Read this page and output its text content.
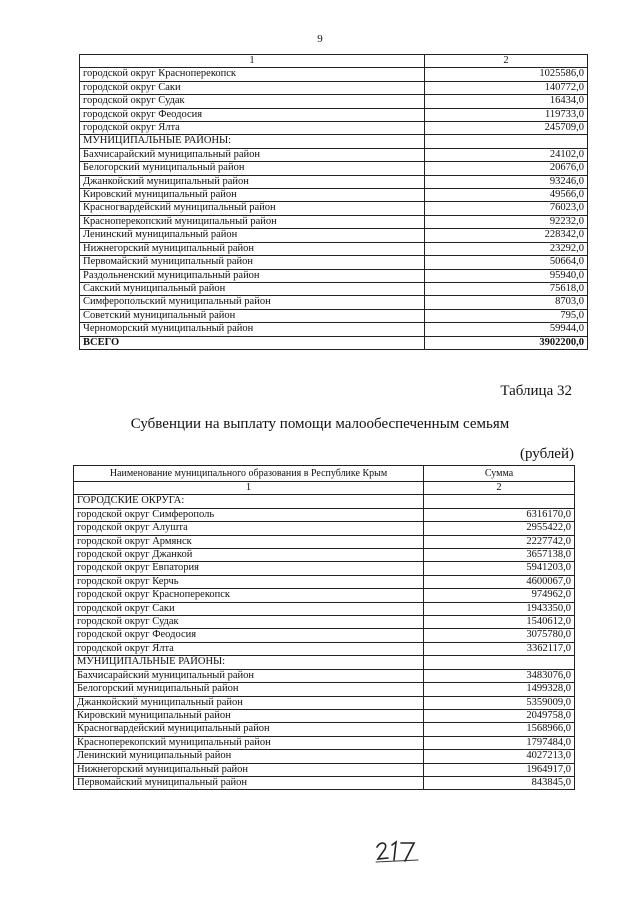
9
1	2
городской округ Красноперекопск	1025586,0
городской округ Саки	140772,0
городской округ Судак	16434,0
городской округ Феодосия	119733,0
городской округ Ялта	245709,0
МУНИЦИПАЛЬНЫЕ РАЙОНЫ:	
Бахчисарайский муниципальный район	24102,0
Белогорский муниципальный район	20676,0
Джанкойский муниципальный район	93246,0
Кировский муниципальный район	49566,0
Красногвардейский муниципальный район	76023,0
Красноперекопский муниципальный район	92232,0
Ленинский муниципальный район	228342,0
Нижнегорский муниципальный район	23292,0
Первомайский муниципальный район	50664,0
Раздольненский муниципальный район	95940,0
Сакский муниципальный район	75618,0
Симферопольский муниципальный район	8703,0
Советский муниципальный район	795,0
Черноморский муниципальный район	59944,0
ВСЕГО	3902200,0
Таблица 32
Субвенции на выплату помощи малообеспеченным семьям
(рублей)
Наименование муниципального образования в Республике Крым	Сумма
1	2
ГОРОДСКИЕ ОКРУГА:	
городской округ Симферополь	6316170,0
городской округ Алушта	2955422,0
городской округ Армянск	2227742,0
городской округ Джанкой	3657138,0
городской округ Евпатория	5941203,0
городской округ Керчь	4600067,0
городской округ Красноперекопск	974962,0
городской округ Саки	1943350,0
городской округ Судак	1540612,0
городской округ Феодосия	3075780,0
городской округ Ялта	3362117,0
МУНИЦИПАЛЬНЫЕ РАЙОНЫ:	
Бахчисарайский муниципальный район	3483076,0
Белогорский муниципальный район	1499328,0
Джанкойский муниципальный район	5359009,0
Кировский муниципальный район	2049758,0
Красногвардейский муниципальный район	1568966,0
Красноперекопский муниципальный район	1797484,0
Ленинский муниципальный район	4027213,0
Нижнегорский муниципальный район	1964917,0
Первомайский муниципальный район	843845,0
